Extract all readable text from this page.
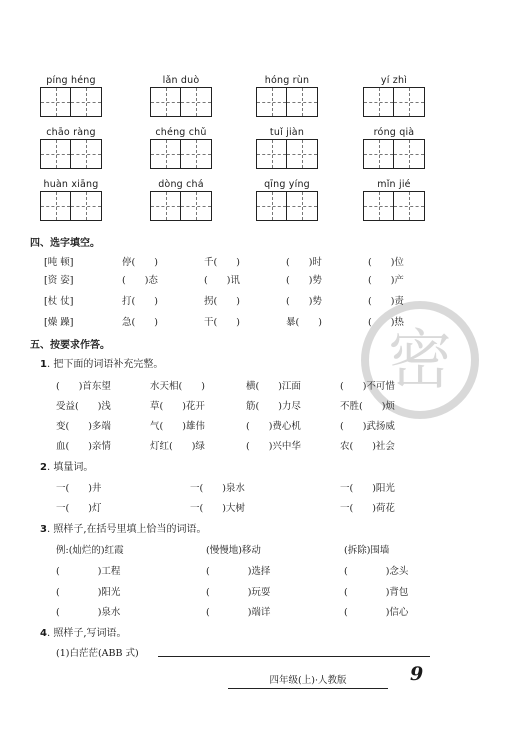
píng héng	lǎn duò	hóng rùn	yí zhì
chāo ràng	chéng chǔ	tuǐ jiàn	róng qià
huàn xiāng	dòng chá	qīng yíng	mǐn jié
四、选字填空。
[吨 顿]	停(　　)	千(　　)	(　　)时	(　　)位
[资 姿]	(　　)态	(　　)讯	(　　)势	(　　)产
[杖 仗]	打(　　)	拐(　　)	(　　)势	(　　)责
[燥 躁]	急(　　)	干(　　)	暴(　　)	(　　)热
五、按要求作答。
1. 把下面的词语补充完整。
(　　)首东望	水天相(　　)	横(　　)江面	(　　)不可惜
受益(　　)浅	草(　　)花开	筋(　　)力尽	不胜(　　)烦
变(　　)多端	气(　　)雄伟	(　　)费心机	(　　)武扬威
血(　　)亲情	灯红(　　)绿	(　　)兴中华	农(　　)社会
2. 填量词。
一(　　)井	一(　　)泉水	一(　　)阳光
一(　　)灯	一(　　)大树	一(　　)荷花
3. 照样子,在括号里填上恰当的词语。
例:(灿烂的)红霞	(慢慢地)移动	(拆除)围墙
(　　　　)工程	(　　　　)选择	(　　　　)念头
(　　　　)阳光	(　　　　)玩耍	(　　　　)背包
(　　　　)泉水	(　　　　)端详	(　　　　)信心
4. 照样子,写词语。
(1)白茫茫(ABB 式)
密
四年级(上)·人教版	9
